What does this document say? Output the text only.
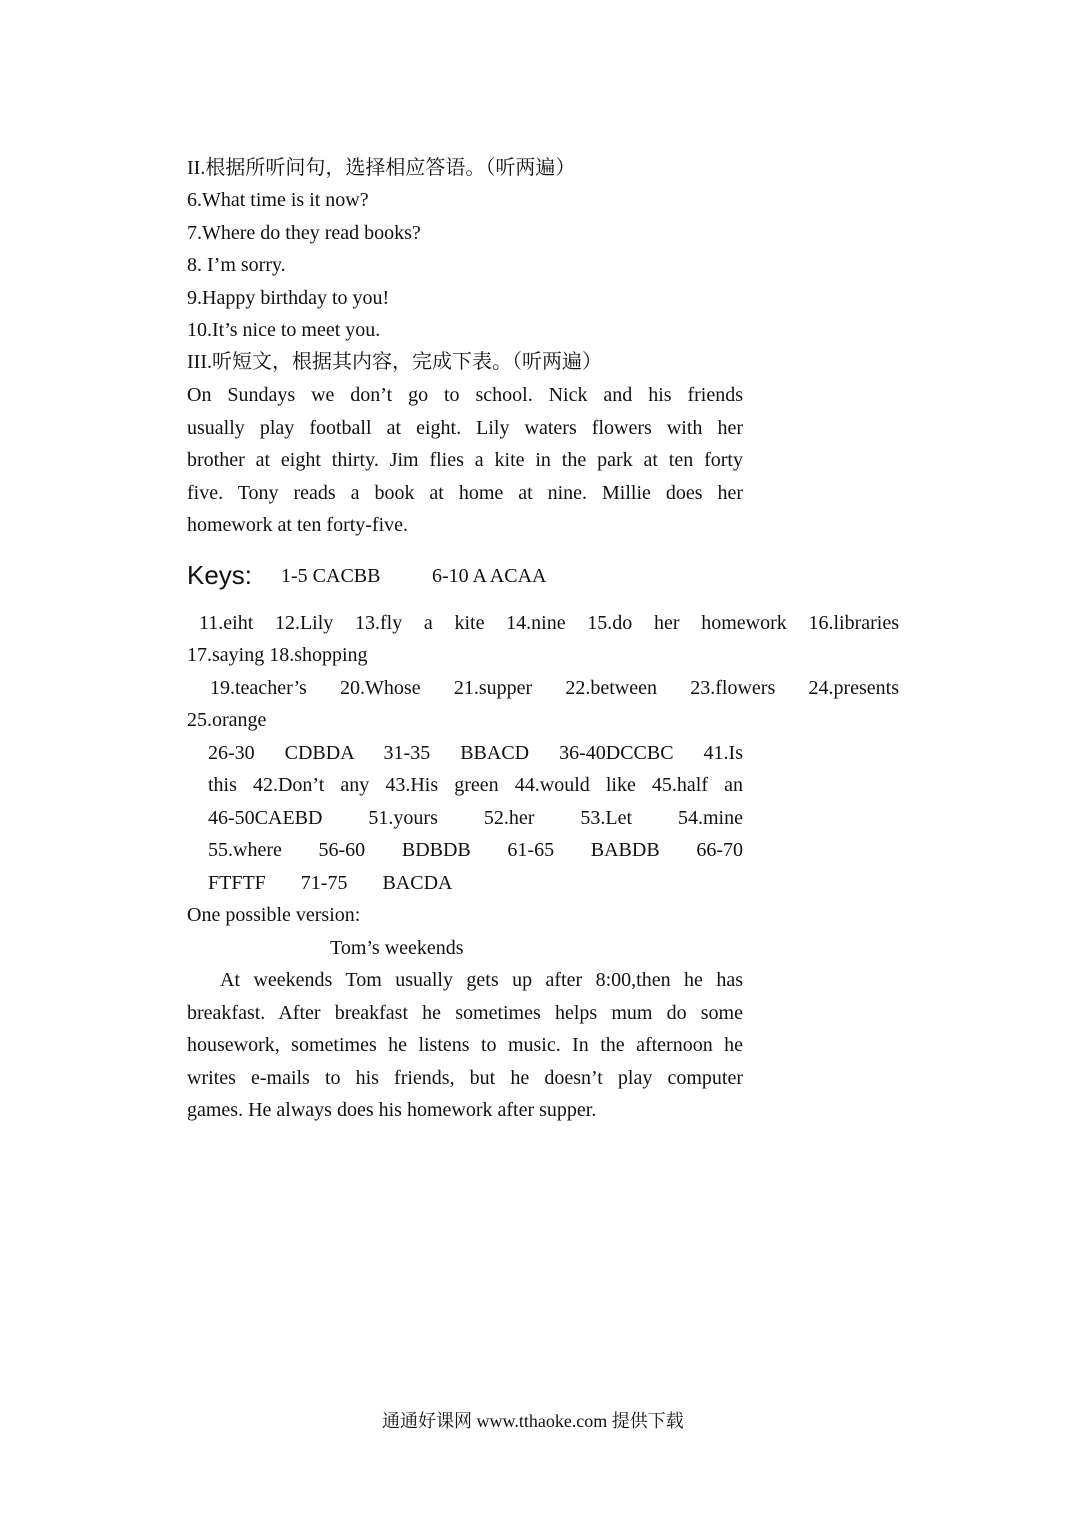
II.根据所听问句，选择相应答语。（听两遍）
6.What time is it now?
7.Where do they read books?
8. I’m sorry.
9.Happy birthday to you!
10.It’s nice to meet you.
III.听短文，根据其内容，完成下表。（听两遍）
On Sundays we don’t go to school. Nick and his friends
usually play football at eight. Lily waters flowers with her
brother at eight thirty. Jim flies a kite in the park at ten forty
five. Tony reads a book at home at nine. Millie does her
homework at ten forty-five.
Keys: 1-5 CACBB	6-10 A ACAA
11.eiht 12.Lily 13.fly a kite 14.nine 15.do her homework 16.libraries
17.saying 18.shopping
19.teacher’s 20.Whose 21.supper 22.between 23.flowers 24.presents
25.orange
26-30 CDBDA 31-35 BBACD 36-40DCCBC 41.Is
this 42.Don’t any 43.His green 44.would like 45.half an
46-50CAEBD 51.yours 52.her 53.Let 54.mine
55.where 56-60 BDBDB 61-65 BABDB 66-70
FTFTF 71-75 BACDA
One possible version:
Tom’s weekends
At weekends Tom usually gets up after 8:00,then he has
breakfast. After breakfast he sometimes helps mum do some
housework, sometimes he listens to music. In the afternoon he
writes e-mails to his friends, but he doesn’t play computer
games. He always does his homework after supper.
通通好课网 www.tthaoke.com 提供下载
